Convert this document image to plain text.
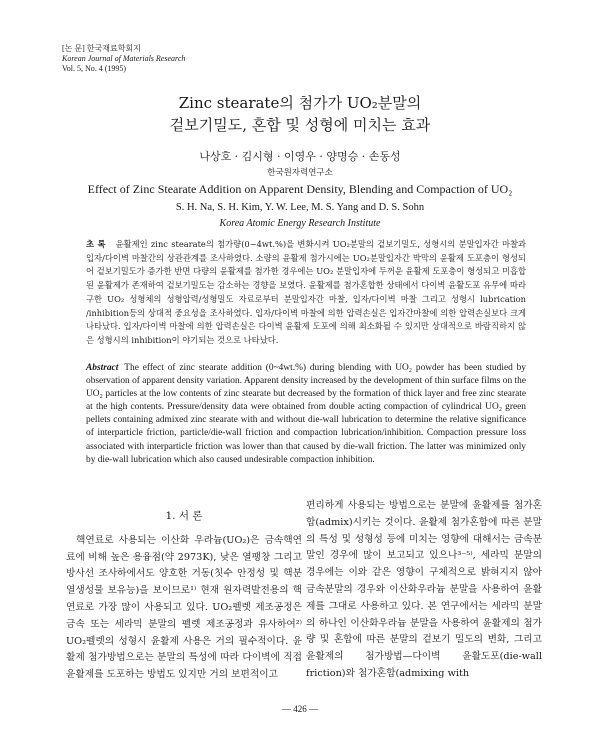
[논 문] 한국재료학회지
Korean Journal of Materials Research
Vol. 5, No. 4 (1995)
Zinc stearate의 첨가가 UO₂분말의
겉보기밀도, 혼합 및 성형에 미치는 효과
나상호 · 김시형 · 이영우 · 양명승 · 손동성
한국원자력연구소
Effect of Zinc Stearate Addition on Apparent Density, Blending and Compaction of UO₂
S. H. Na, S. H. Kim, Y. W. Lee, M. S. Yang and D. S. Sohn
Korea Atomic Energy Research Institute
초 록 윤활제인 zinc stearate의 첨가량(0~4wt.%)을 변화시켜 UO₂분말의 겉보기밀도, 성형시의 분말입자간 마찰과 입자/다이벽 마찰간의 상관관계를 조사하였다. 소량의 윤활제 첨가시에는 UO₂분말입자간 박막의 윤활제 도포층이 형성되어 겉보기밀도가 증가한 반면 다량의 윤활제를 첨가한 경우에는 UO₂ 분말입자에 두꺼운 윤활제 도포층이 형성되고 미흡합된 윤활제가 존재하여 겉보기밀도는 감소하는 경향을 보였다. 윤활제를 첨가혼합한 상태에서 다이벽 윤활도포 유무에 따라 구한 UO₂ 성형체의 성형압력/성형밀도 자료로부터 분말입자간 마찰, 입자/다이벽 마찰 그리고 성형시 lubrication /inhibition등의 상대적 중요성을 조사하였다. 입자/다이벽 마찰에 의한 압력손실은 입자간마찰에 의한 압력손실보다 크게 나타났다. 입자/다이벽 마찰에 의한 압력손실은 다이벽 윤활제 도포에 의해 최소화될 수 있지만 상대적으로 바람직하지 않은 성형시의 inhibition이 야기되는 것으로 나타났다.
Abstract The effect of zinc stearate addition (0~4wt.%) during blending with UO₂ powder has been studied by observation of apparent density variation. Apparent density increased by the development of thin surface films on the UO₂ particles at the low contents of zinc stearate but decreased by the formation of thick layer and free zinc stearate at the high contents. Pressure/density data were obtained from double acting compaction of cylindrical UO₂ green pellets containing admixed zinc stearate with and without die-wall lubrication to determine the relative significance of interparticle friction, particle/die-wall friction and compaction lubrication/inhibition. Compaction pressure loss associated with interparticle friction was lower than that caused by die-wall friction. The latter was minimized only by die-wall lubrication which also caused undesirable compaction inhibition.
1. 서 론
핵연료로 사용되는 이산화 우라늄(UO₂)은 금속핵연료에 비해 높은 용융점(약 2973K), 낮은 열팽창 그리고 방사선 조사하에서도 양호한 거동(칫수 안정성 및 핵분열생성물 보유능)을 보이므로¹⁾ 현재 원자력발전용의 핵연료로 가장 많이 사용되고 있다. UO₂펠렛 제조공정은 금속 또는 세라믹 분말의 펠렛 제조공정과 유사하여²⁾ UO₂펠렛의 성형시 윤활제 사용은 거의 필수적이다. 윤활제 첨가방법으로는 분말의 특성에 따라 다이벽에 직접 윤활제를 도포하는 방법도 있지만 거의 보편적이고
편리하게 사용되는 방법으로는 분말에 윤활제를 첨가혼합(admix)시키는 것이다. 윤활제 첨가혼합에 따른 분말의 특성 및 성형성 등에 미치는 영향에 대해서는 금속분말인 경우에 많이 보고되고 있으나³⁻⁵⁾, 세라믹 분말의 경우에는 이와 같은 영향이 구체적으로 밝혀지지 않아 금속분말의 경우와 이산화우라늄 분말을 사용하여 윤활제를 그대로 사용하고 있다. 본 연구에서는 세라믹 분말의 하나인 이산화우라늄 분말을 사용하여 윤활제의 첨가량 및 혼합에 따른 분말의 겉보기 밀도의 변화, 그리고 윤활제의 첨가방법—다이벽 윤활도포(die-wall friction)와 첨가혼합(admixing with
— 426 —
